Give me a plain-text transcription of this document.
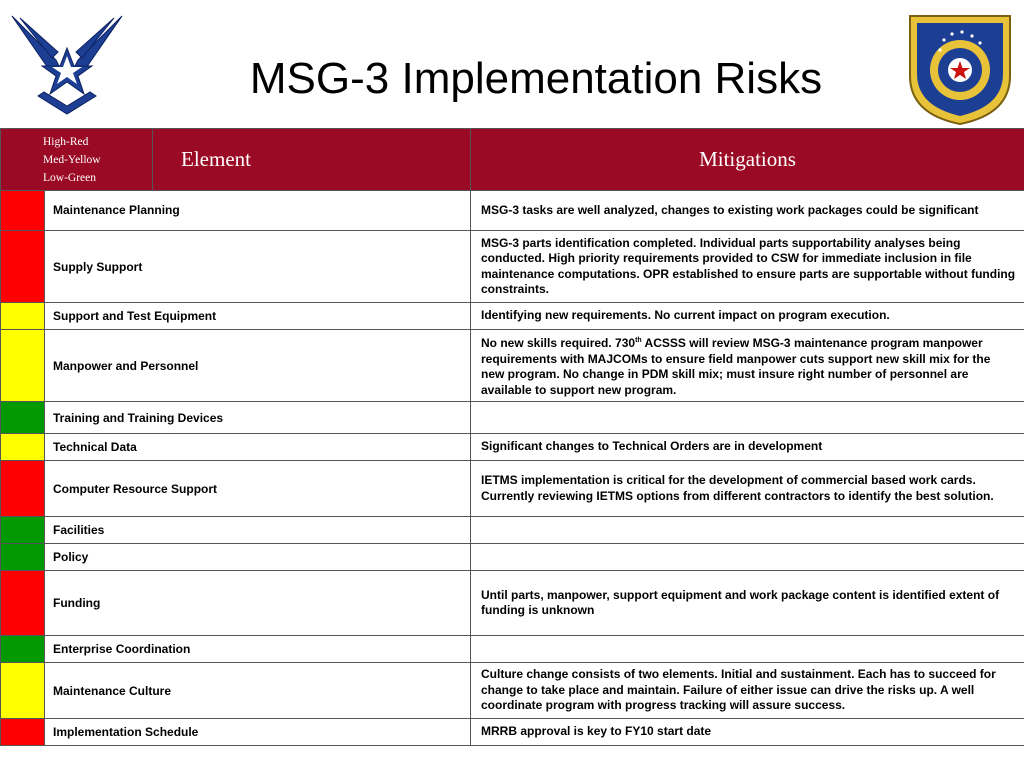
MSG-3 Implementation Risks
High-Red
Med-Yellow
Low-Green		Element	Mitigations
	Maintenance Planning		MSG-3 tasks are well analyzed, changes to existing work packages could be significant
	Supply Support		MSG-3 parts identification completed. Individual parts supportability analyses being conducted. High priority requirements provided to CSW for immediate inclusion in file maintenance computations. OPR established to ensure parts are supportable without funding constraints.
	Support and Test Equipment		Identifying new requirements. No current impact on program execution.
	Manpower and Personnel		No new skills required. 730th ACSSS will review MSG-3 maintenance program manpower requirements with MAJCOMs to ensure field manpower cuts support new skill mix for the new program. No change in PDM skill mix; must insure right number of personnel are available to support new program.
	Training and Training Devices		
	Technical Data		Significant changes to Technical Orders are in development
	Computer Resource Support		IETMS implementation is critical for the development of commercial based work cards. Currently reviewing IETMS options from different contractors to identify the best solution.
	Facilities		
	Policy		
	Funding		Until parts, manpower, support equipment and work package content is identified extent of funding is unknown
	Enterprise Coordination		
	Maintenance Culture		Culture change consists of two elements. Initial and sustainment. Each has to succeed for change to take place and maintain. Failure of either issue can drive the risks up. A well coordinate program with progress tracking will assure success.
	Implementation Schedule		MRRB approval is key to FY10 start date
